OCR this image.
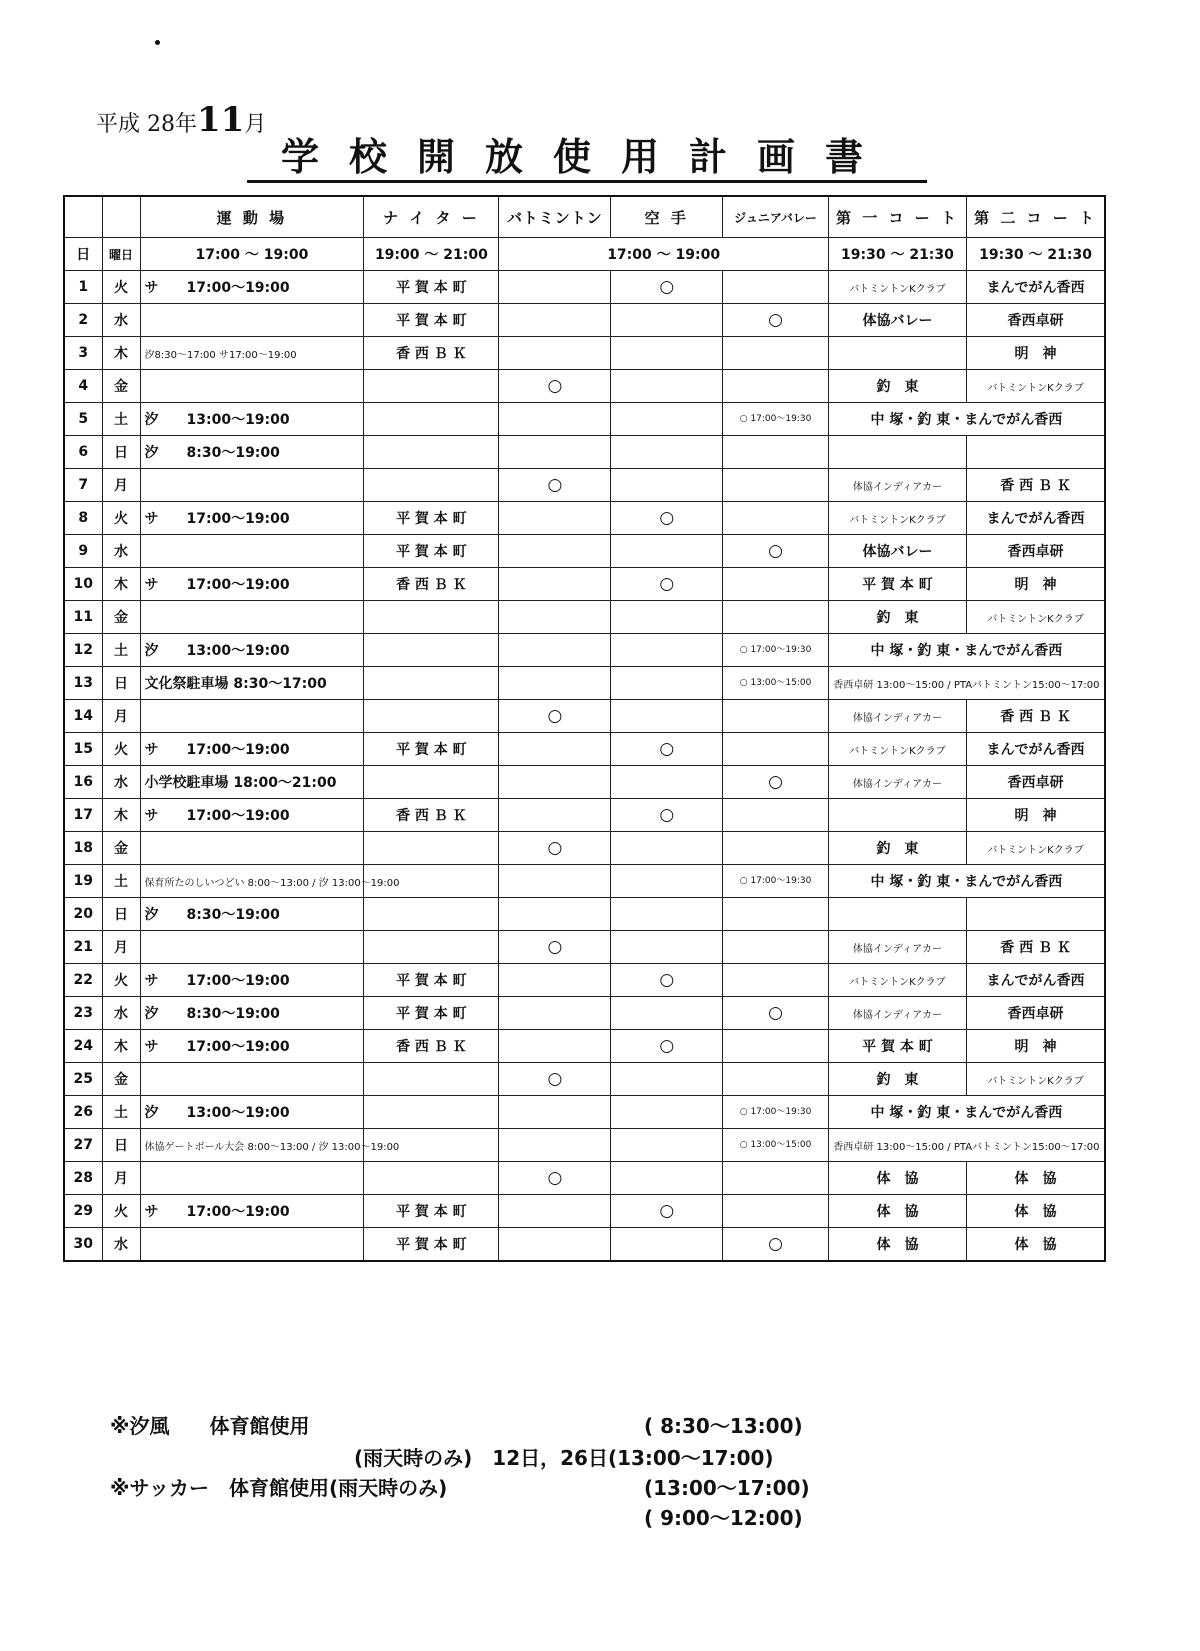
平成 28年11月
学校開放使用計画書
		運 動 場	ナ イ タ ー	バトミントン	空 手	ジュニアバレー	第 一 コ ー ト	第 二 コ ー ト
日	曜日	17:00 ～ 19:00	19:00 ～ 21:00	17:00 ～ 19:00			19:30 ～ 21:30	19:30 ～ 21:30
1	火	サ　　17:00～19:00	平 賀 本 町		○		バトミントンKクラブ	まんでがん香西
2	水		平 賀 本 町			○	体協バレー	香西卓研
3	木	汐8:30～17:00 サ17:00～19:00	香 西 Ｂ Ｋ					明　神
4	金			○			釣　東	バトミントンKクラブ
5	土	汐　　13:00～19:00				○ 17:00～19:30	中 塚・釣 東・まんでがん香西	
6	日	汐　　8:30～19:00						
7	月			○			体協インディアカー	香 西 Ｂ Ｋ
8	火	サ　　17:00～19:00	平 賀 本 町		○		バトミントンKクラブ	まんでがん香西
9	水		平 賀 本 町			○	体協バレー	香西卓研
10	木	サ　　17:00～19:00	香 西 Ｂ Ｋ		○		平 賀 本 町	明　神
11	金						釣　東	バトミントンKクラブ
12	土	汐　　13:00～19:00				○ 17:00～19:30	中 塚・釣 東・まんでがん香西	
13	日	文化祭駐車場 8:30～17:00				○ 13:00～15:00	香西卓研 13:00～15:00 / PTAバトミントン15:00～17:00	
14	月			○			体協インディアカー	香 西 Ｂ Ｋ
15	火	サ　　17:00～19:00	平 賀 本 町		○		バトミントンKクラブ	まんでがん香西
16	水	小学校駐車場 18:00～21:00				○	体協インディアカー	香西卓研
17	木	サ　　17:00～19:00	香 西 Ｂ Ｋ		○			明　神
18	金			○			釣　東	バトミントンKクラブ
19	土	保育所たのしいつどい 8:00～13:00 / 汐 13:00～19:00				○ 17:00～19:30	中 塚・釣 東・まんでがん香西	
20	日	汐　　8:30～19:00						
21	月			○			体協インディアカー	香 西 Ｂ Ｋ
22	火	サ　　17:00～19:00	平 賀 本 町		○		バトミントンKクラブ	まんでがん香西
23	水	汐　　8:30～19:00	平 賀 本 町			○	体協インディアカー	香西卓研
24	木	サ　　17:00～19:00	香 西 Ｂ Ｋ		○		平 賀 本 町	明　神
25	金			○			釣　東	バトミントンKクラブ
26	土	汐　　13:00～19:00				○ 17:00～19:30	中 塚・釣 東・まんでがん香西	
27	日	体協ゲートボール大会 8:00～13:00 / 汐 13:00～19:00				○ 13:00～15:00	香西卓研 13:00～15:00 / PTAバトミントン15:00～17:00	
28	月			○			体　協	体　協
29	火	サ　　17:00～19:00	平 賀 本 町		○		体　協	体　協
30	水		平 賀 本 町			○	体　協	体　協
※汐風　　体育館使用	( 8:30～13:00)
(雨天時のみ)　12日，26日(13:00～17:00)
※サッカー　体育館使用(雨天時のみ)	(13:00～17:00)
( 9:00～12:00)
